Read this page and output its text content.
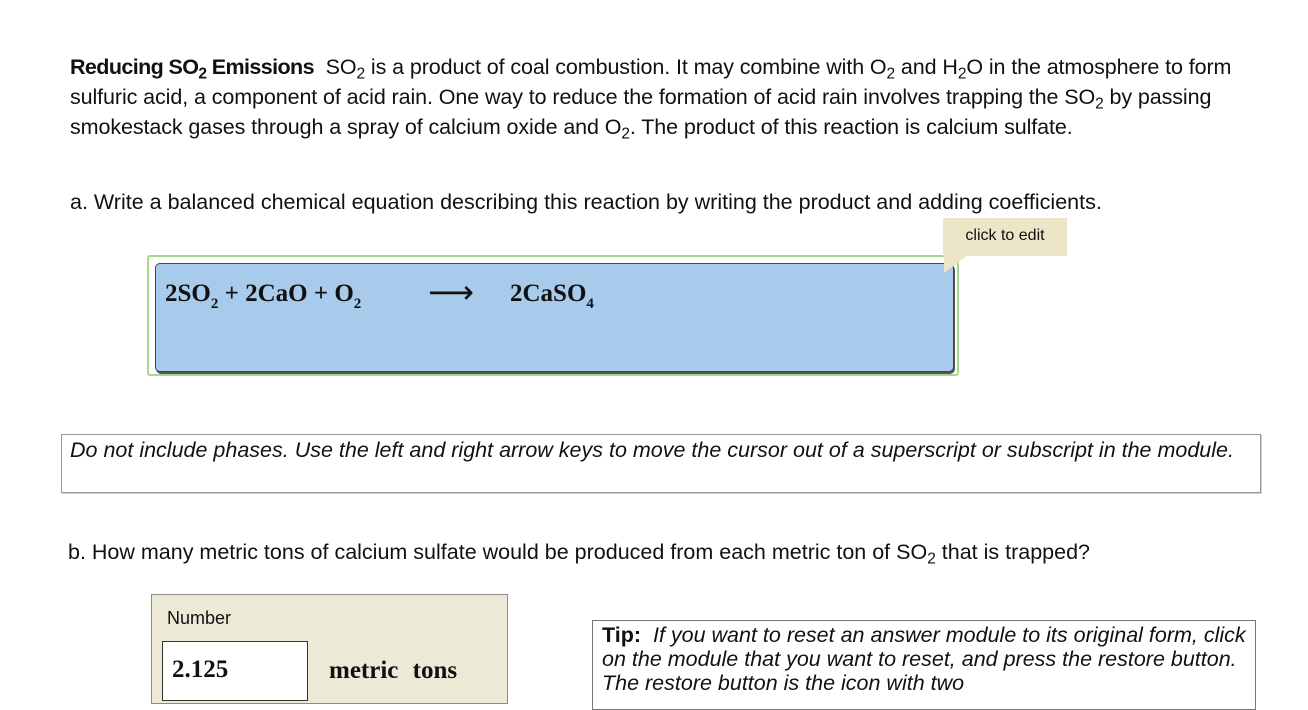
Reducing $SO_2$ Emissions $SO_2$ is a product of coal combustion. It may combine with $O_2$ and $H_2O$ in the atmosphere to form sulfuric acid, a component of acid rain. One way to reduce the formation of acid rain involves trapping the $SO_2$ by passing smokestack gases through a spray of calcium oxide and $O_2$. The product of this reaction is calcium sulfate.
a. Write a balanced chemical equation describing this reaction by writing the product and adding coefficients.
$2SO_2 + 2CaO + O_2$ ⟶ 2CaSO$_4$
click to edit
Do not include phases. Use the left and right arrow keys to move the cursor out of a superscript or subscript in the module.
b. How many metric tons of calcium sulfate would be produced from each metric ton of $SO_2$ that is trapped?
Number
2.125	metric tons
Tip: If you want to reset an answer module to its original form, click on the module that you want to reset, and press the restore button. The restore button is the icon with two
